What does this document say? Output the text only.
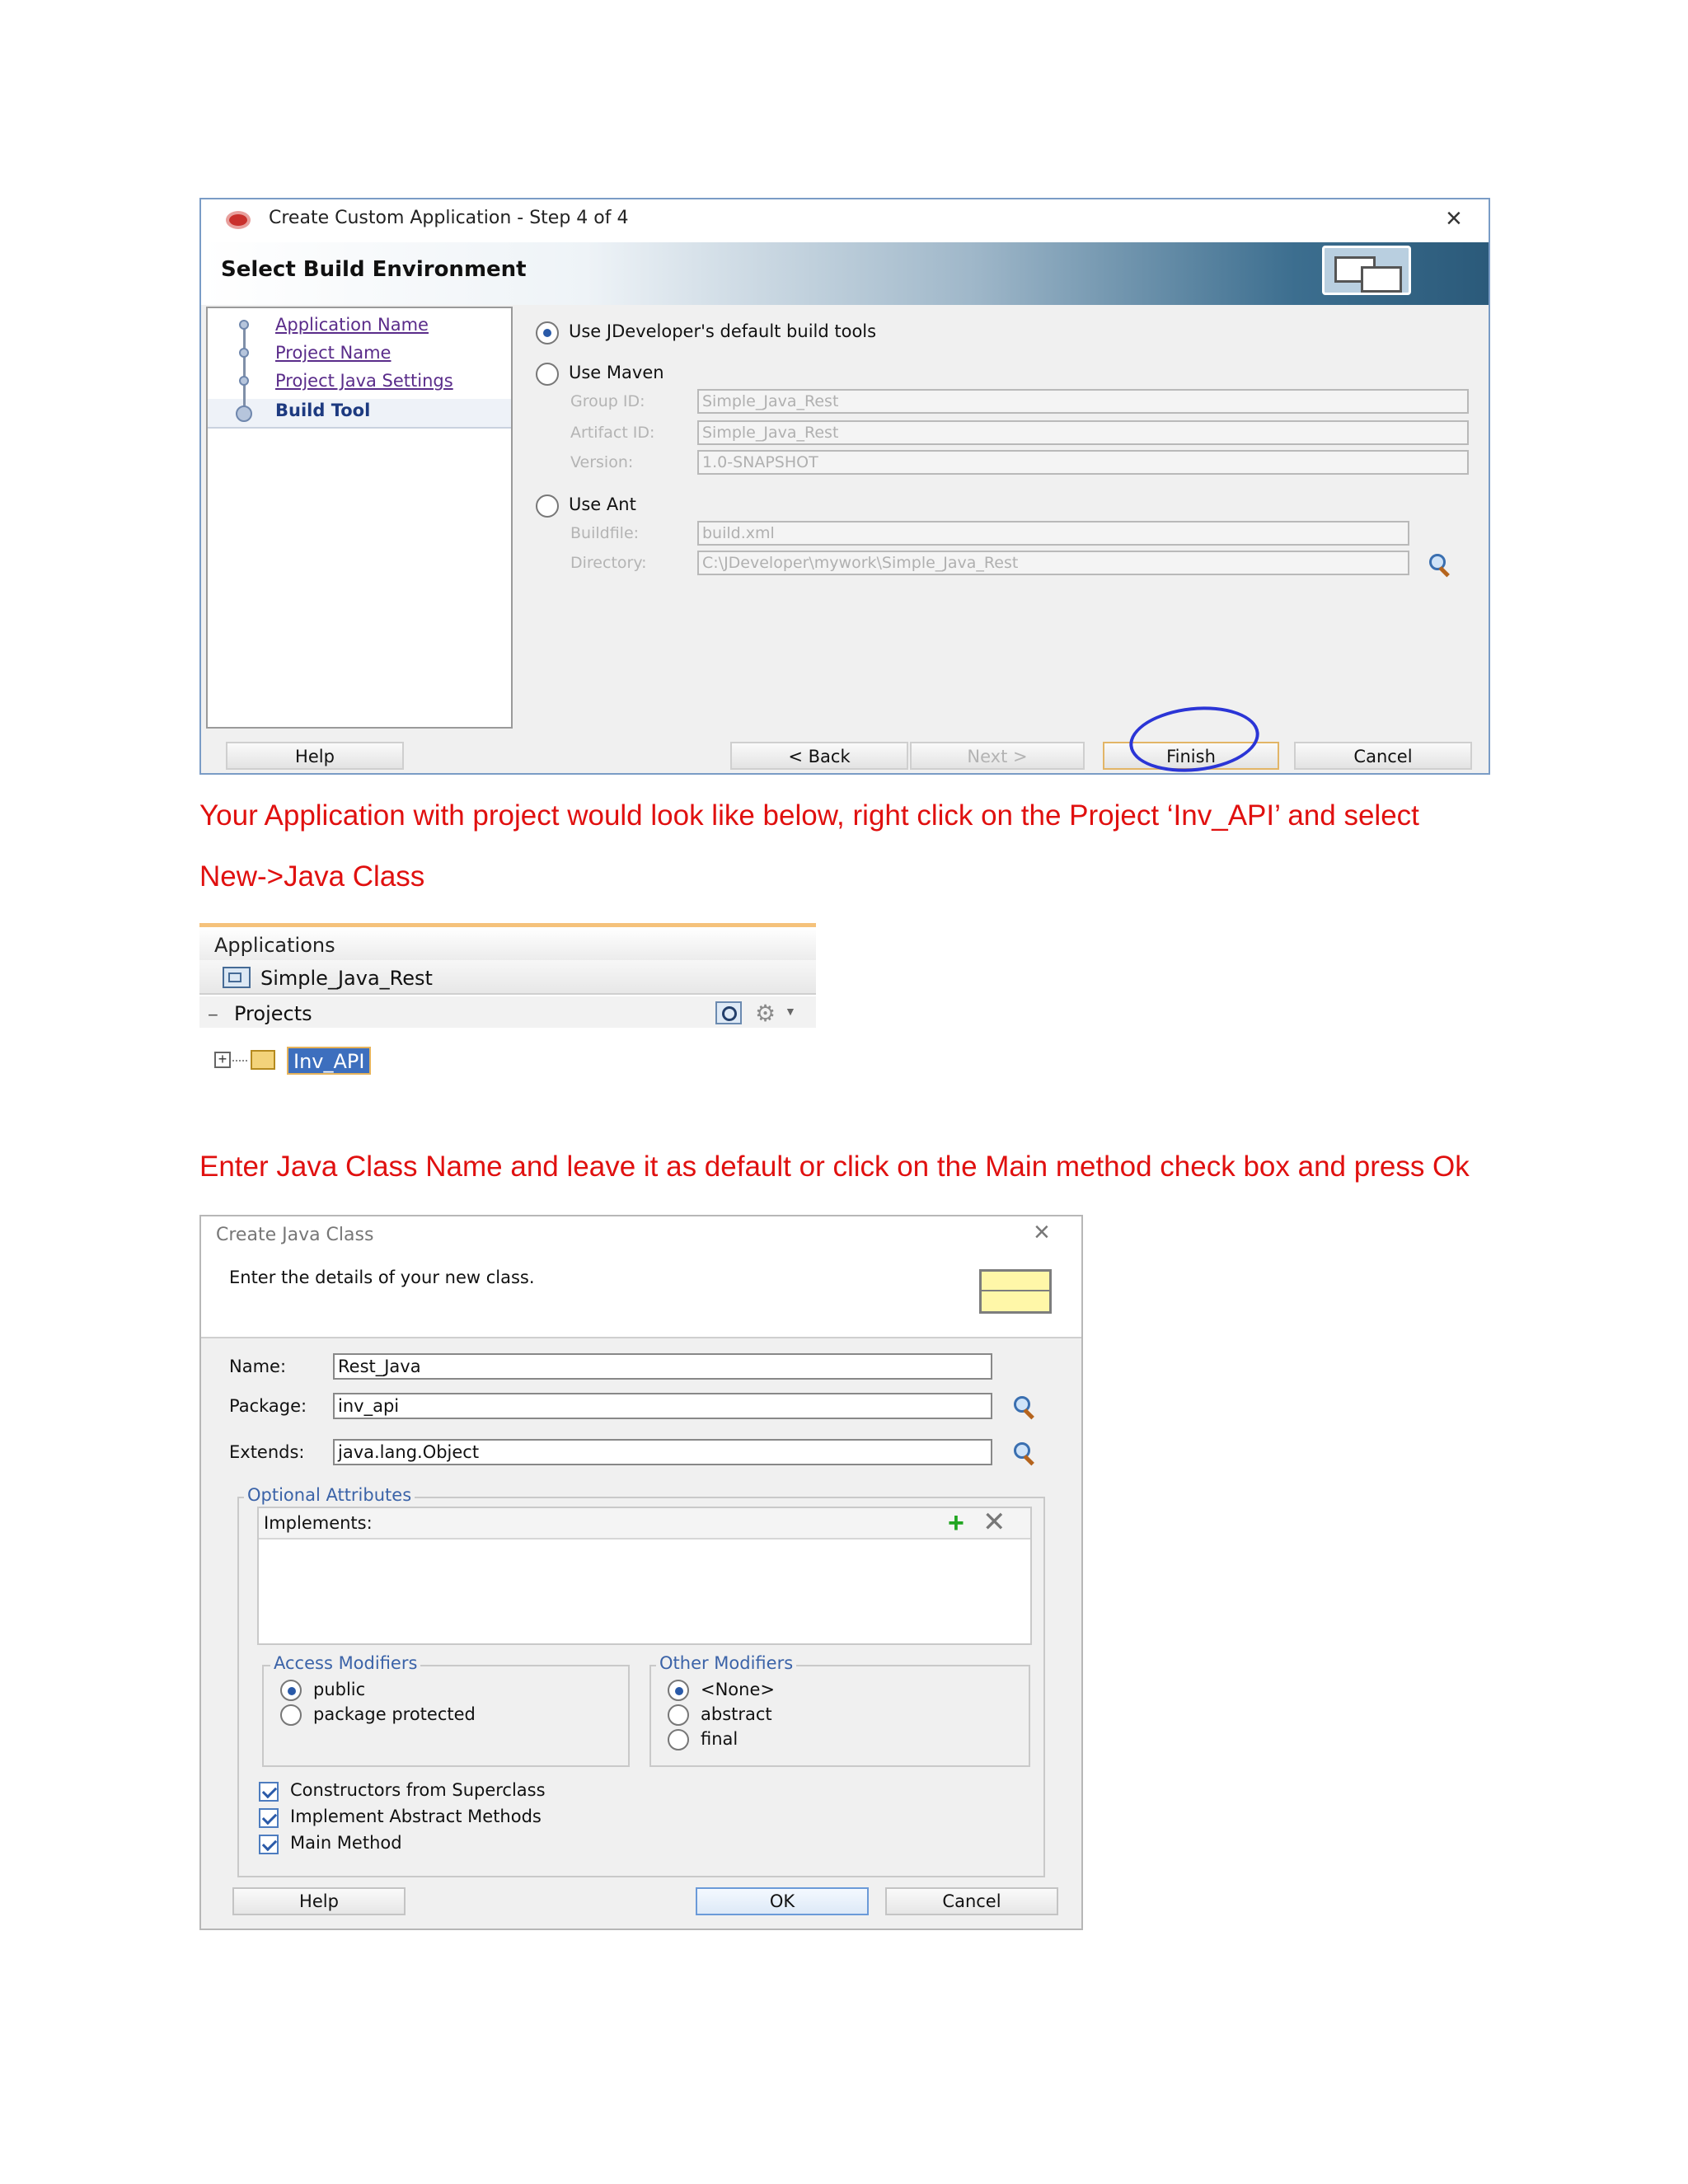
Create Custom Application - Step 4 of 4	×
Select Build Environment
Application Name
Project Name
Project Java Settings
Build Tool
Use JDeveloper's default build tools
Use Maven
Group ID:	Simple_Java_Rest
Artifact ID:	Simple_Java_Rest
Version:	1.0-SNAPSHOT
Use Ant
Buildfile:	build.xml
Directory:	C:\JDeveloper\mywork\Simple_Java_Rest
Help	< Back	Next >	Finish	Cancel
Your Application with project would look like below, right click on the Project ‘Inv_API’ and select
New->Java Class
Applications
Simple_Java_Rest
− Projects	⚙ ▼
+	Inv_API
Enter Java Class Name and leave it as default or click on the Main method check box and press Ok
Create Java Class	×
Enter the details of your new class.
Name:	Rest_Java
Package: inv_api
Extends: java.lang.Object
Optional Attributes
Implements:	+ ✕
Access Modifiers
public
package protected
Other Modifiers
<None>
abstract
final
Constructors from Superclass
Implement Abstract Methods
Main Method
Help	OK	Cancel
